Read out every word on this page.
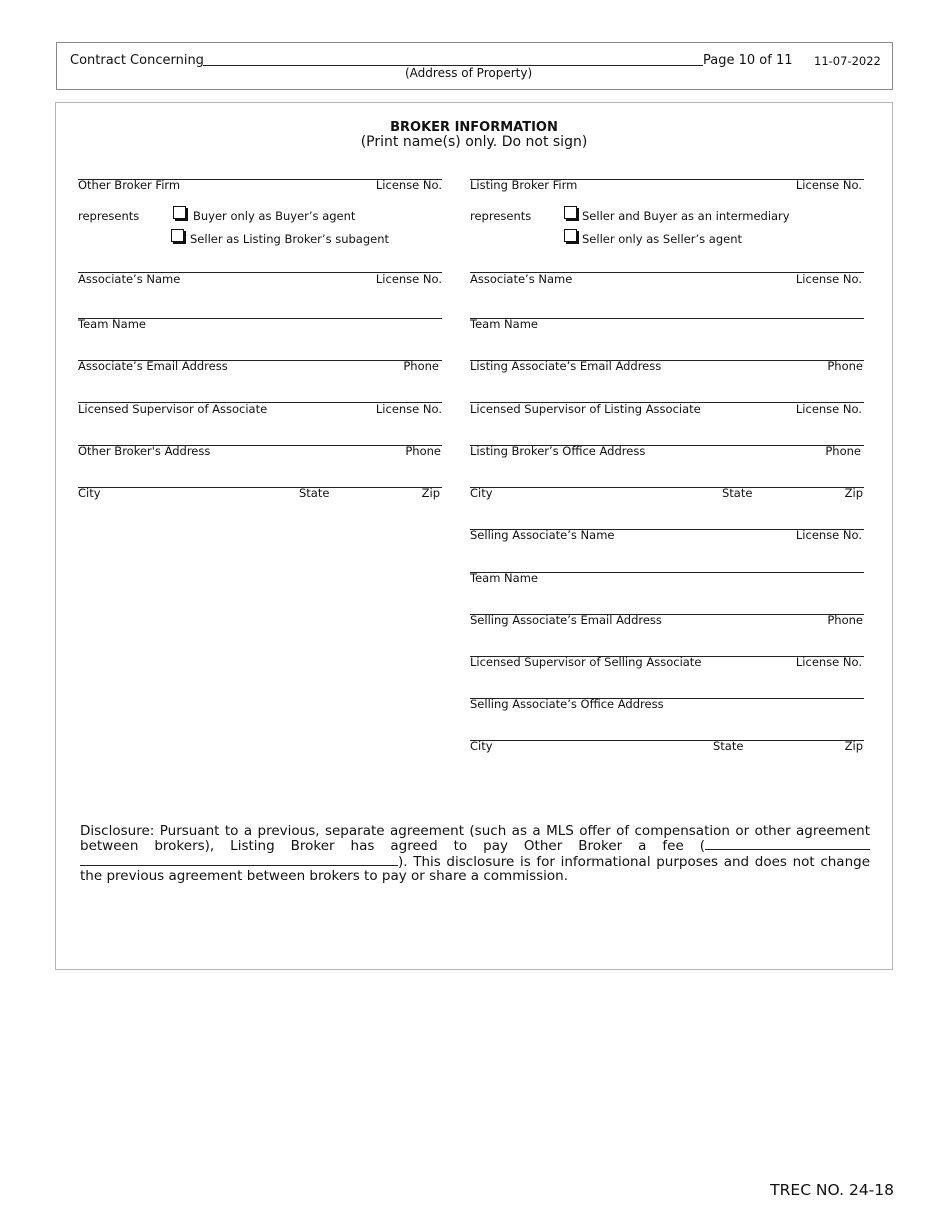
Contract Concerning
(Address of Property)
Page 10 of 11 11-07-2022
BROKER INFORMATION
(Print name(s) only. Do not sign)
Other Broker Firm	License No.
represents	Buyer only as Buyer’s agent
Seller as Listing Broker’s subagent
Associate’s Name	License No.
Team Name
Associate’s Email Address	Phone
Licensed Supervisor of Associate	License No.
Other Broker's Address	Phone
City	State	Zip
Listing Broker Firm	License No.
represents	Seller and Buyer as an intermediary
Seller only as Seller’s agent
Associate’s Name	License No.
Team Name
Listing Associate’s Email Address	Phone
Licensed Supervisor of Listing Associate	License No.
Listing Broker’s Office Address	Phone
City	State	Zip
Selling Associate’s Name	License No.
Team Name
Selling Associate’s Email Address	Phone
Licensed Supervisor of Selling Associate	License No.
Selling Associate’s Office Address
City	State	Zip
Disclosure: Pursuant to a previous, separate agreement (such as a MLS offer of compensation or other agreement between brokers), Listing Broker has agreed to pay Other Broker a fee (). This disclosure is for informational purposes and does not change the previous agreement between brokers to pay or share a commission.
TREC NO. 24-18
